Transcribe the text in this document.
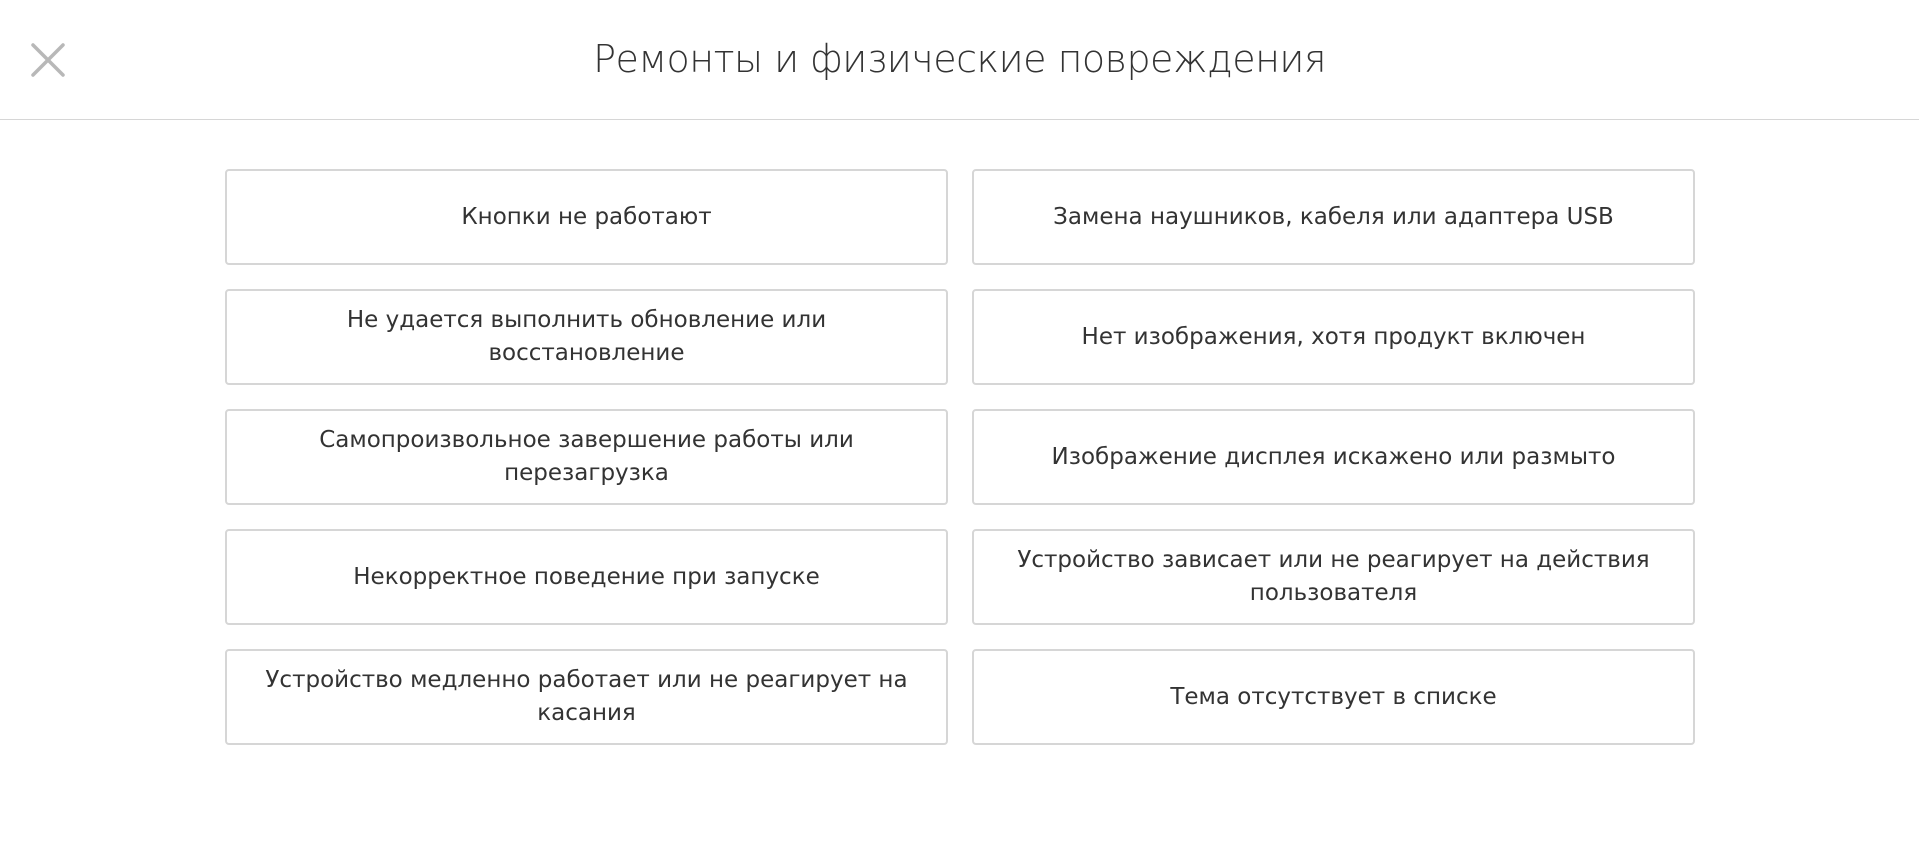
Ремонты и физические повреждения
Кнопки не работают	Замена наушников, кабеля или адаптера USB
Не удается выполнить обновление или восстановление
Нет изображения, хотя продукт включен
Самопроизвольное завершение работы или перезагрузка
Изображение дисплея искажено или размыто
Некорректное поведение при запуске
Устройство зависает или не реагирует на действия пользователя
Устройство медленно работает или не реагирует на касания
Тема отсутствует в списке
